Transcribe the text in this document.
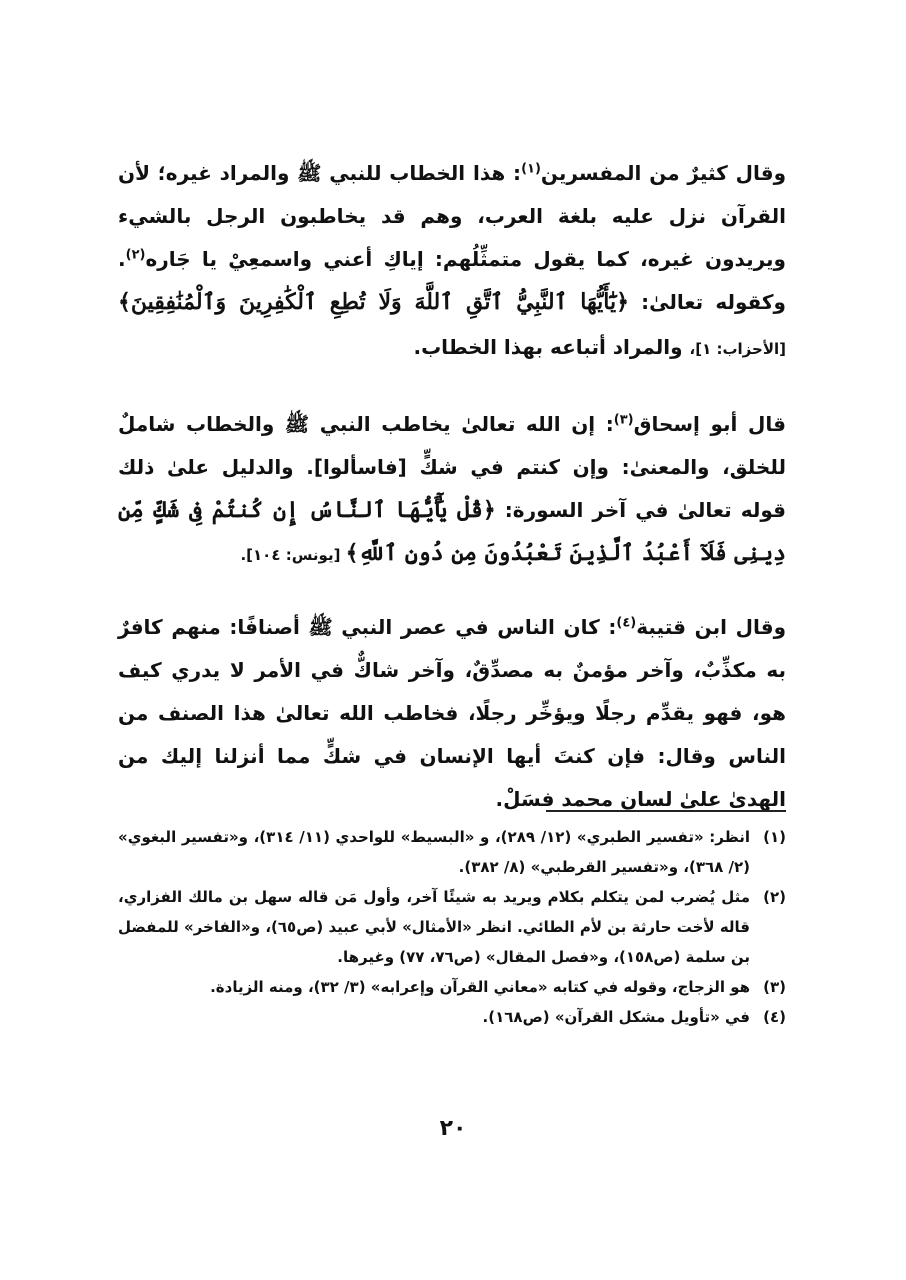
وقال كثيرٌ من المفسرين$^{(١)}$: هذا الخطاب للنبي ﷺ والمراد غيره؛ لأن القرآن نزل عليه بلغة العرب، وهم قد يخاطبون الرجل بالشيء ويريدون غيره، كما يقول متمثِّلُهم: إياكِ أعني واسمعِيْ يا جَاره$^{(٢)}$. وكقوله تعالىٰ: ﴿يَٰٓأَيُّهَا ٱلنَّبِيُّ ٱتَّقِ ٱللَّهَ وَلَا تُطِعِ ٱلْكَٰفِرِينَ وَٱلْمُنَٰفِقِينَ﴾ [الأحزاب: ١]، والمراد أتباعه بهذا الخطاب.

قال أبو إسحاق$^{(٣)}$: إن الله تعالىٰ يخاطب النبي ﷺ والخطاب شاملٌ للخلق، والمعنىٰ: وإن كنتم في شكٍّ [فاسألوا]. والدليل علىٰ ذلك قوله تعالىٰ في آخر السورة: ﴿قُلْ يَٰٓأَيُّهَا ٱلنَّاسُ إِن كُنتُمْ فِى شَكٍّ مِّن دِينِى فَلَآ أَعْبُدُ ٱلَّذِينَ تَعْبُدُونَ مِن دُونِ ٱللَّهِ﴾ [يونس: ١٠٤].

وقال ابن قتيبة$^{(٤)}$: كان الناس في عصر النبي ﷺ أصنافًا: منهم كافرٌ به مكذِّبٌ، وآخر مؤمنٌ به مصدِّقٌ، وآخر شاكٌّ في الأمر لا يدري كيف هو، فهو يقدِّم رجلًا ويؤخِّر رجلًا، فخاطب الله تعالىٰ هذا الصنف من الناس وقال: فإن كنتَ أيها الإنسان في شكٍّ مما أنزلنا إليك من الهدىٰ علىٰ لسان محمد فسَلْ.

(١)
انظر: «تفسير الطبري» (١٢/ ٢٨٩)، و «البسيط» للواحدي (١١/ ٣١٤)، و«تفسير البغوي» (٢/ ٣٦٨)، و«تفسير القرطبي» (٨/ ٣٨٢).

(٢)
مثل يُضرب لمن يتكلم بكلام ويريد به شيئًا آخر، وأول مَن قاله سهل بن مالك الفزاري، قاله لأخت حارثة بن لأم الطائي. انظر «الأمثال» لأبي عبيد (ص٦٥)، و«الفاخر» للمفضل بن سلمة (ص١٥٨)، و«فصل المقال» (ص٧٦، ٧٧) وغيرها.

(٣)
هو الزجاج، وقوله في كتابه «معاني القرآن وإعرابه» (٣/ ٣٢)، ومنه الزيادة.

(٤)
في «تأويل مشكل القرآن» (ص١٦٨).

٢٠
